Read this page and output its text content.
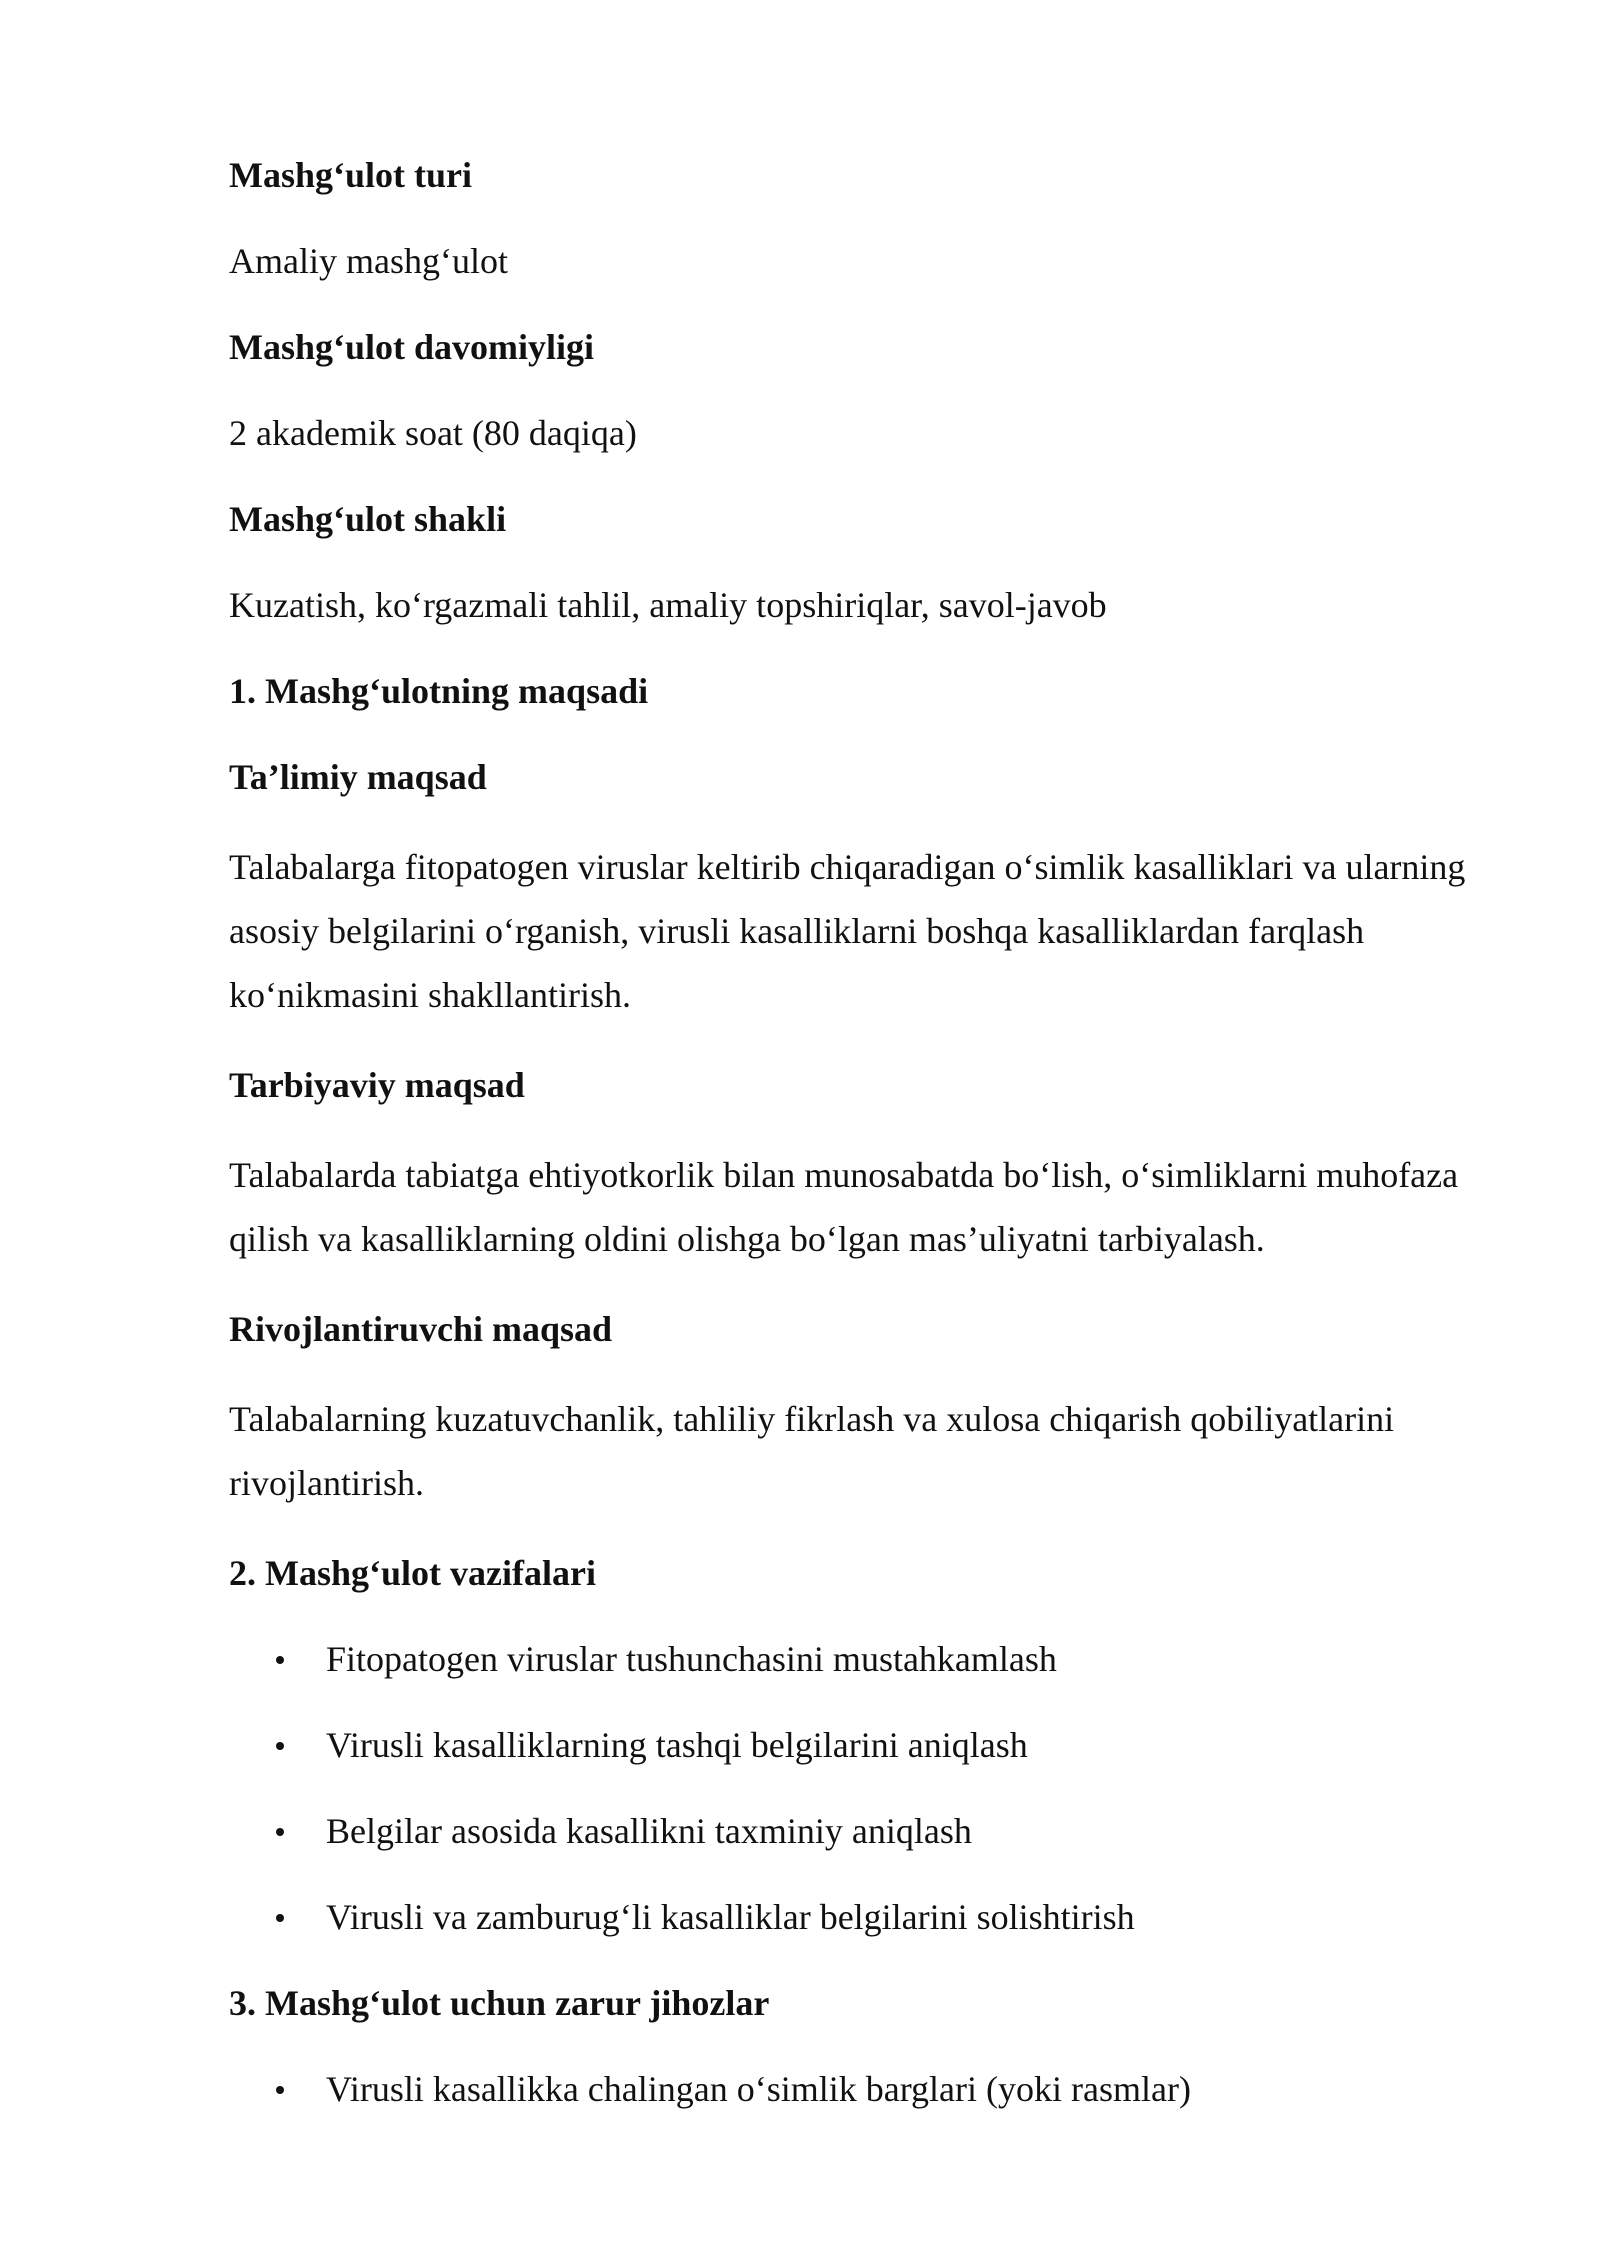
Mashg‘ulot turi
Amaliy mashg‘ulot
Mashg‘ulot davomiyligi
2 akademik soat (80 daqiqa)
Mashg‘ulot shakli
Kuzatish, ko‘rgazmali tahlil, amaliy topshiriqlar, savol-javob
1. Mashg‘ulotning maqsadi
Ta’limiy maqsad
Talabalarga fitopatogen viruslar keltirib chiqaradigan o‘simlik kasalliklari va ularning asosiy belgilarini o‘rganish, virusli kasalliklarni boshqa kasalliklardan farqlash ko‘nikmasini shakllantirish.
Tarbiyaviy maqsad
Talabalarda tabiatga ehtiyotkorlik bilan munosabatda bo‘lish, o‘simliklarni muhofaza qilish va kasalliklarning oldini olishga bo‘lgan mas’uliyatni tarbiyalash.
Rivojlantiruvchi maqsad
Talabalarning kuzatuvchanlik, tahliliy fikrlash va xulosa chiqarish qobiliyatlarini rivojlantirish.
2. Mashg‘ulot vazifalari
Fitopatogen viruslar tushunchasini mustahkamlash
Virusli kasalliklarning tashqi belgilarini aniqlash
Belgilar asosida kasallikni taxminiy aniqlash
Virusli va zamburug‘li kasalliklar belgilarini solishtirish
3. Mashg‘ulot uchun zarur jihozlar
Virusli kasallikka chalingan o‘simlik barglari (yoki rasmlar)
